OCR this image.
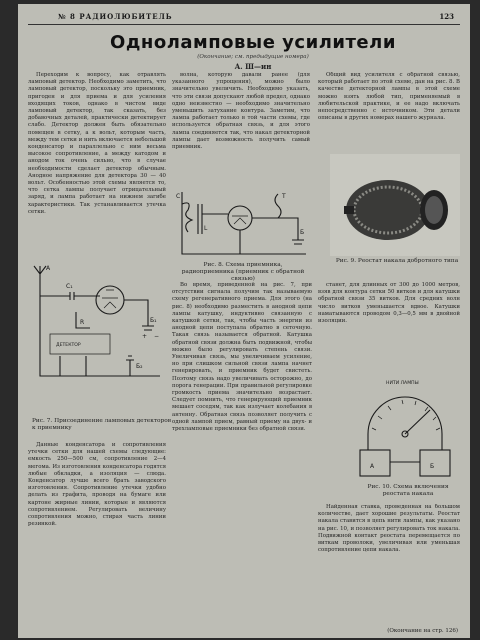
№ 8 РАДИОЛЮБИТЕЛЬ	123
Одноламповые усилители
(Окончание; см. предыдущие номера)
А. Ш—ин

Переходим к вопросу, как отравлять ламповый детектор. Необходимо заметить, что ламповый детектор, поскольку это приемник, пригоден и для приема и для усиления входящих токов, однако в чистом виде ламповый детектор, так сказать, без добавочных деталей, практически детектирует слабо. Детектор должен быть обязательно помещен в сетку, а к вольт, которым часть, между тем сетки и нить включается небольшой конденсатор и параллельно с ним весьма высокое сопротивление, а между катодом и анодом ток очень сильно, что в случае необходимости сделает детектор обычным. Анодное напряжение для детектора 30 — 40 вольт. Особенностью этой схемы является то, что сетка лампы получает отрицательный заряд, и лампа работает на нижнем загибе характеристики. Так устанавливается утечка сетки.

волна, которую давали ранее (для указанного упрощения), можно было значительно увеличить. Необходимо указать, что эти связи допускают любой предел, однако одно неизвестно — необходимо значительно уменьшить затухание контура. Заметим, что лампа работает только в той части схемы, где используется обратная связь, и для этого лампа соединяется так, что накал детекторной лампы дает возможность получить самый приемник.

Общий вид усилителя с обратной связью, который работает по этой схеме, дан на рис. 8. В качестве детекторной лампы в этой схеме можно взять любой тип, применяемый в любительской практике, и ее надо включать непосредственно с источником. Эти детали описаны в других номерах нашего журнала.

Данные конденсатора и сопротивления утечки сетки для нашей схемы следующие: емкость 250—500 см, сопротивление 2—4 мегома. Из изготовления конденсатора годятся любые обкладки, а изоляция — слюда. Конденсатор лучше всего брать заводского изготовления. Сопротивление утечки удобно делать из графита, проводя на бумаге или картоне жирные линии, которые и являются сопротивлением. Регулировать величину сопротивления можно, стирая часть линии резинкой.

Во время, приведенной на рис. 7, при отсутствии сигнала получим так называемую схему регенеративного приема. Для этого (на рис. 8) необходимо разместить в анодной цепи лампы катушку, индуктивно связанную с катушкой сетки, так, чтобы часть энергии из анодной цепи поступала обратно в сеточную. Такая связь называется обратной. Катушка обратной связи должна быть подвижной, чтобы можно было регулировать степень связи. Увеличивая связь, мы увеличиваем усиление, но при слишком сильной связи лампа начнет генерировать, и приемник будет свистеть. Поэтому связь надо увеличивать осторожно, до порога генерации. При правильной регулировке громкость приема значительно возрастает. Следует помнить, что генерирующий приемник мешает соседям, так как излучает колебания в антенну. Обратная связь позволяет получить с одной лампой прием, равный приему на двух- и трехламповые приемники без обратной связи.

станет, для длинных от 300 до 1000 метров, взяв для контура сетки 50 витков и для катушки обратной связи 35 витков. Для средних волн число витков уменьшается вдвое. Катушки наматываются проводом 0,3—0,5 мм в двойной изоляции.

Найденная ставка, проведенная на большом количестве, дает хорошие результаты. Реостат накала ставится в цепь нити лампы, как указано на рис. 10, и позволяет регулировать ток накала. Подвижной контакт реостата перемещается по виткам проволоки, увеличивая или уменьшая сопротивление цепи накала.

А
С₁
R	Б₁
Б₂
ДЕТЕКТОР
+ −
Рис. 7. Присоединение ламповых детекторов к приемнику
С
L
Б
Т
Рис. 8. Схема приемника, радиоприемника (приемник с обратной связью)
Рис. 9. Реостат накала добротного типа
А	Б
НИТИ ЛАМПЫ
Рис. 10. Схема включения реостата накала
(Окончание на стр. 126)
